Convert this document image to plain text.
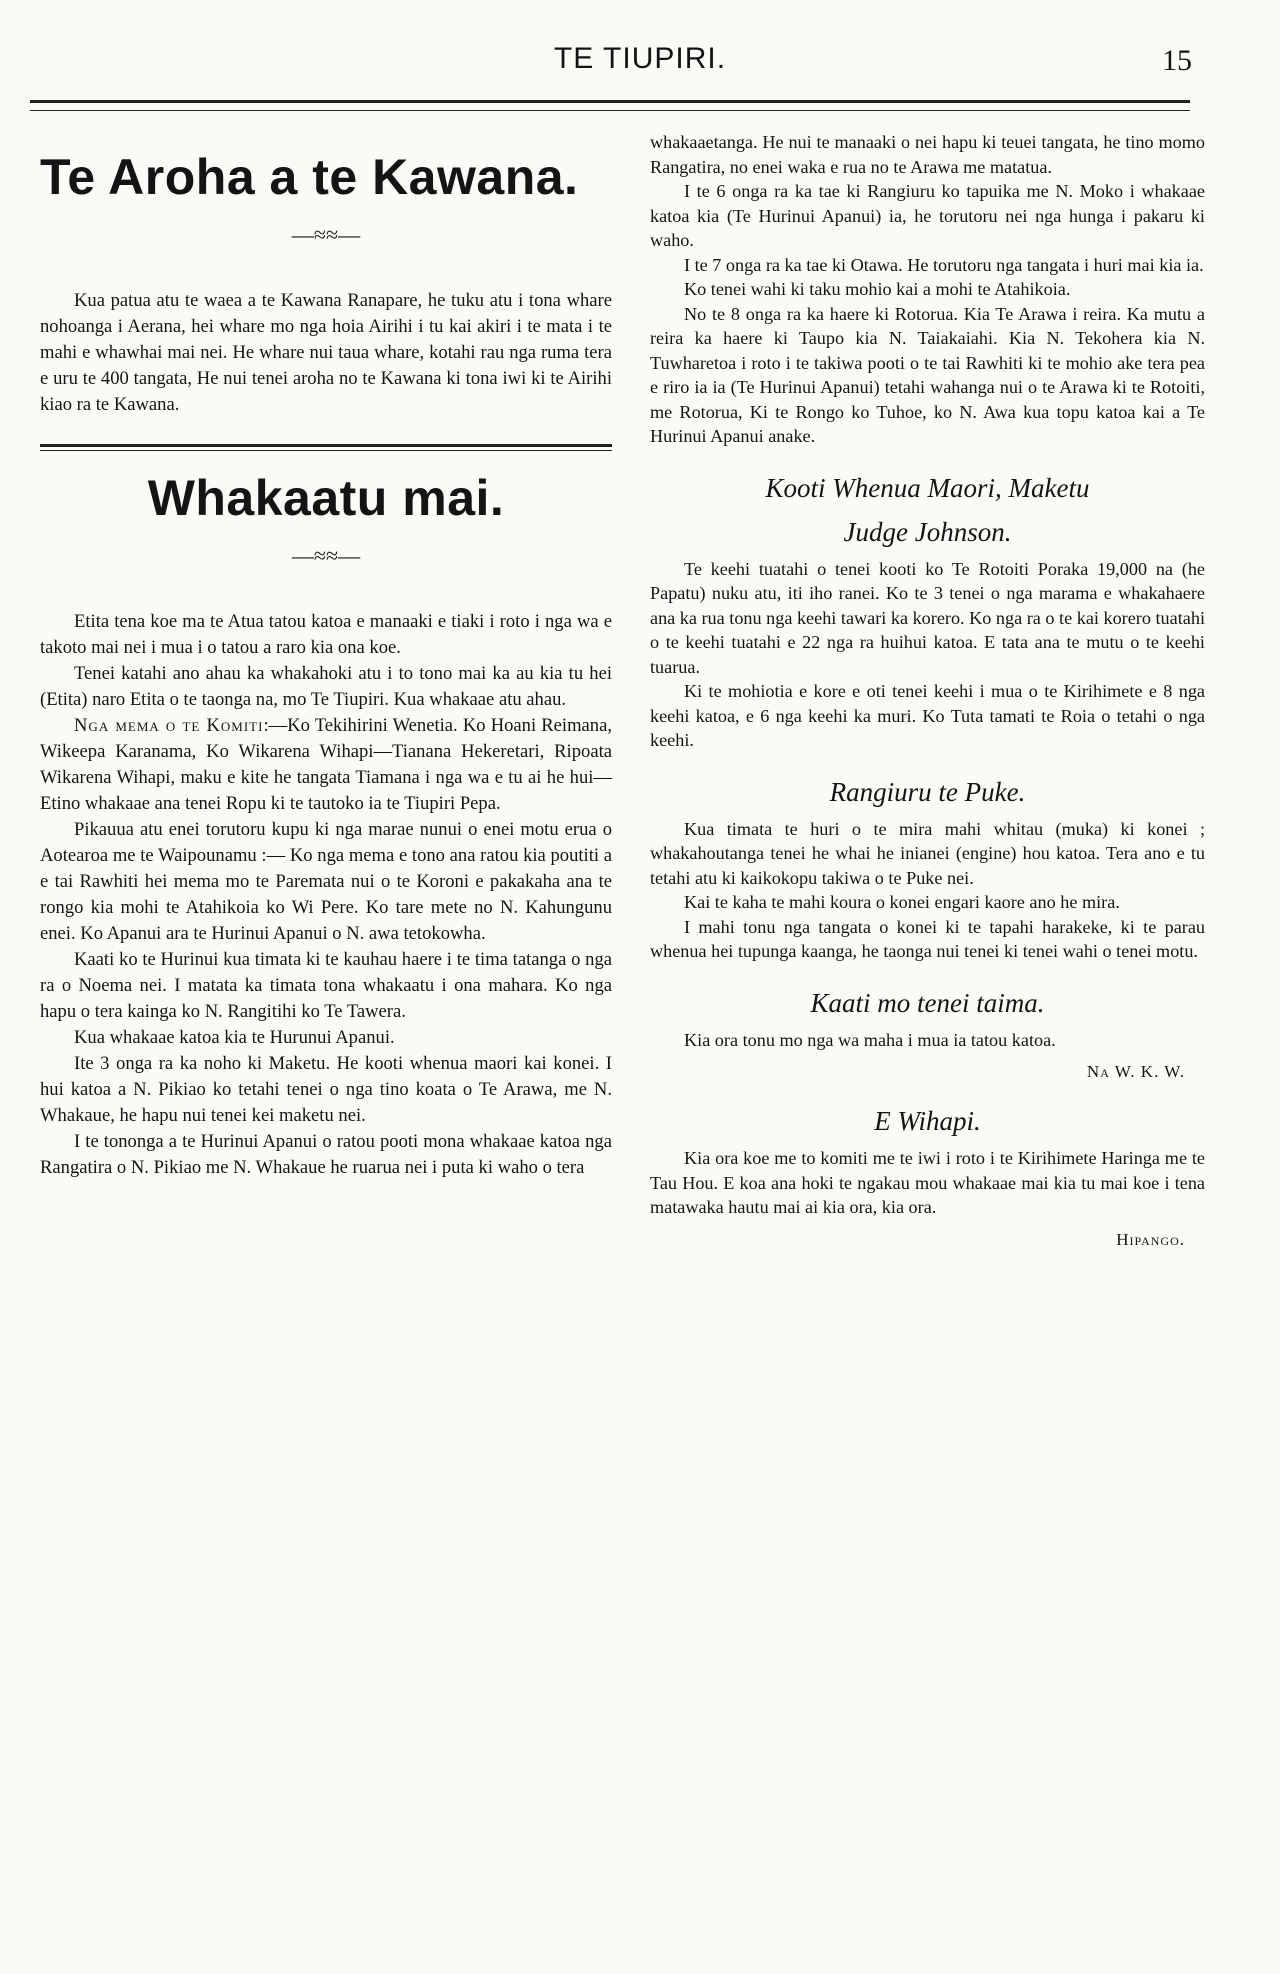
TE TIUPIRI.	15
Te Aroha a te Kawana.
—≈≈—

Kua patua atu te waea a te Kawana Ranapare, he tuku atu i tona whare nohoanga i Aerana, hei whare mo nga hoia Airihi i tu kai akiri i te mata i te mahi e whawhai mai nei. He whare nui taua whare, kotahi rau nga ruma tera e uru te 400 tangata, He nui tenei aroha no te Kawana ki tona iwi ki te Airihi kiao ra te Kawana.

Whakaatu mai.
—≈≈—

Etita tena koe ma te Atua tatou katoa e manaaki e tiaki i roto i nga wa e takoto mai nei i mua i o tatou a raro kia ona koe.

Tenei katahi ano ahau ka whakahoki atu i to tono mai ka au kia tu hei (Etita) naro Etita o te taonga na, mo Te Tiupiri. Kua whakaae atu ahau.

Nga mema o te Komiti:—Ko Tekihirini Wenetia. Ko Hoani Reimana, Wikeepa Karanama, Ko Wikarena Wihapi—Tianana Hekeretari, Ripoata Wikarena Wihapi, maku e kite he tangata Tiamana i nga wa e tu ai he hui—Etino whakaae ana tenei Ropu ki te tautoko ia te Tiupiri Pepa.

Pikauua atu enei torutoru kupu ki nga marae nunui o enei motu erua o Aotearoa me te Waipounamu :— Ko nga mema e tono ana ratou kia poutiti a e tai Rawhiti hei mema mo te Paremata nui o te Koroni e pakakaha ana te rongo kia mohi te Atahikoia ko Wi Pere. Ko tare mete no N. Kahungunu enei. Ko Apanui ara te Hurinui Apanui o N. awa tetokowha.

Kaati ko te Hurinui kua timata ki te kauhau haere i te tima tatanga o nga ra o Noema nei. I matata ka timata tona whakaatu i ona mahara. Ko nga hapu o tera kainga ko N. Rangitihi ko Te Tawera.

Kua whakaae katoa kia te Hurunui Apanui.

Ite 3 onga ra ka noho ki Maketu. He kooti whenua maori kai konei. I hui katoa a N. Pikiao ko tetahi tenei o nga tino koata o Te Arawa, me N. Whakaue, he hapu nui tenei kei maketu nei.

I te tononga a te Hurinui Apanui o ratou pooti mona whakaae katoa nga Rangatira o N. Pikiao me N. Whakaue he ruarua nei i puta ki waho o tera

whakaaetanga. He nui te manaaki o nei hapu ki teuei tangata, he tino momo Rangatira, no enei waka e rua no te Arawa me matatua.

I te 6 onga ra ka tae ki Rangiuru ko tapuika me N. Moko i whakaae katoa kia (Te Hurinui Apanui) ia, he torutoru nei nga hunga i pakaru ki waho.

I te 7 onga ra ka tae ki Otawa. He torutoru nga tangata i huri mai kia ia.

Ko tenei wahi ki taku mohio kai a mohi te Atahikoia.

No te 8 onga ra ka haere ki Rotorua. Kia Te Arawa i reira. Ka mutu a reira ka haere ki Taupo kia N. Taiakaiahi. Kia N. Tekohera kia N. Tuwharetoa i roto i te takiwa pooti o te tai Rawhiti ki te mohio ake tera pea e riro ia ia (Te Hurinui Apanui) tetahi wahanga nui o te Arawa ki te Rotoiti, me Rotorua, Ki te Rongo ko Tuhoe, ko N. Awa kua topu katoa kai a Te Hurinui Apanui anake.

Kooti Whenua Maori, Maketu
Judge Johnson.

Te keehi tuatahi o tenei kooti ko Te Rotoiti Poraka 19,000 na (he Papatu) nuku atu, iti iho ranei. Ko te 3 tenei o nga marama e whakahaere ana ka rua tonu nga keehi tawari ka korero. Ko nga ra o te kai korero tuatahi o te keehi tuatahi e 22 nga ra huihui katoa. E tata ana te mutu o te keehi tuarua.

Ki te mohiotia e kore e oti tenei keehi i mua o te Kirihimete e 8 nga keehi katoa, e 6 nga keehi ka muri. Ko Tuta tamati te Roia o tetahi o nga keehi.

Rangiuru te Puke.

Kua timata te huri o te mira mahi whitau (muka) ki konei ; whakahoutanga tenei he whai he inianei (engine) hou katoa. Tera ano e tu tetahi atu ki kaikokopu takiwa o te Puke nei.

Kai te kaha te mahi koura o konei engari kaore ano he mira.

I mahi tonu nga tangata o konei ki te tapahi harakeke, ki te parau whenua hei tupunga kaanga, he taonga nui tenei ki tenei wahi o tenei motu.

Kaati mo tenei taima.

Kia ora tonu mo nga wa maha i mua ia tatou katoa.

Na W. K. W.
E Wihapi.

Kia ora koe me to komiti me te iwi i roto i te Kirihimete Haringa me te Tau Hou. E koa ana hoki te ngakau mou whakaae mai kia tu mai koe i tena matawaka hautu mai ai kia ora, kia ora.

Hipango.
